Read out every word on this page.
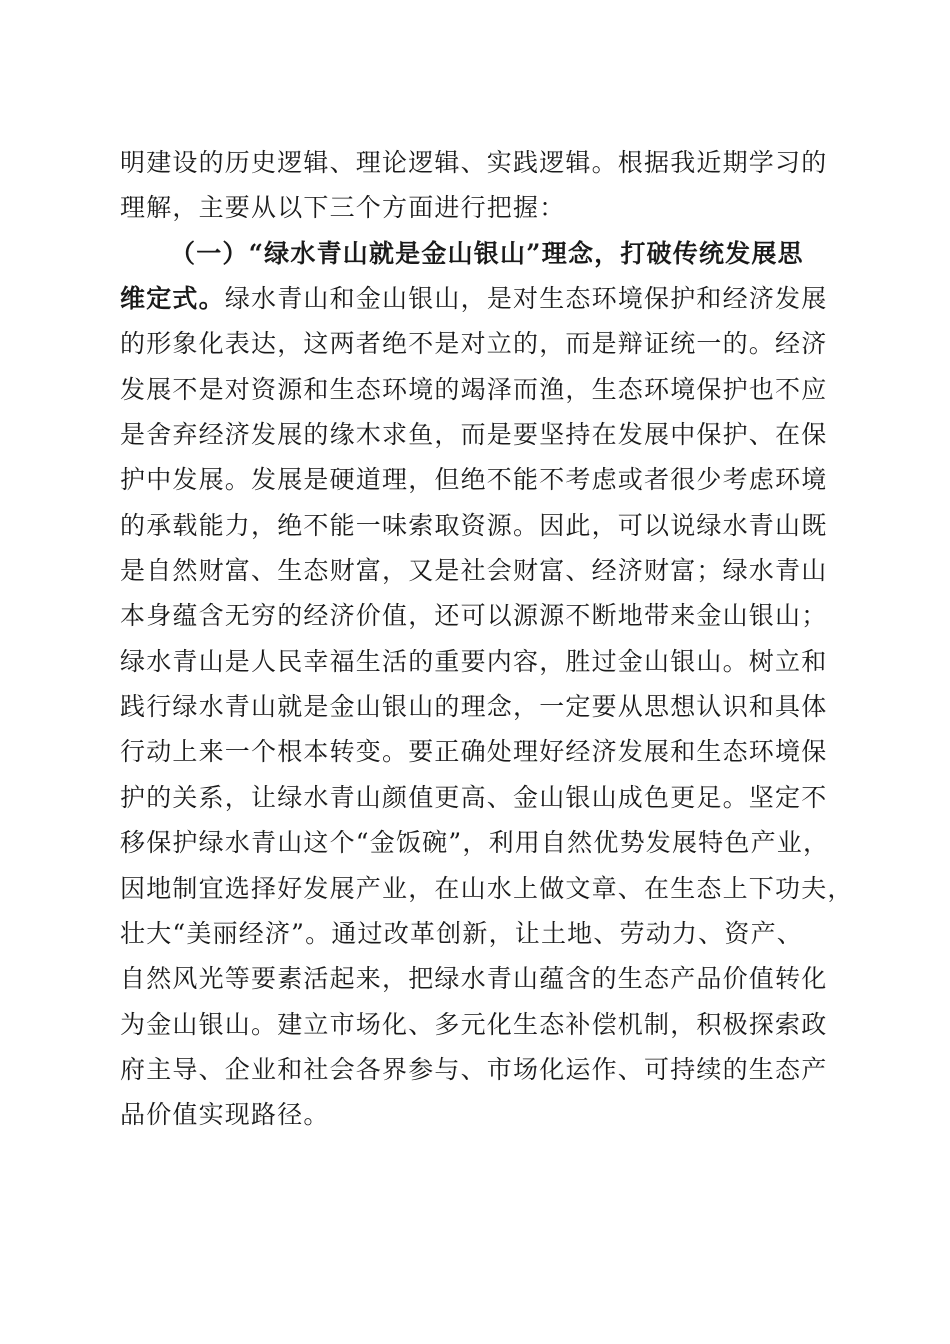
明建设的历史逻辑、理论逻辑、实践逻辑。根据我近期学习的
理解，主要从以下三个方面进行把握：
（一）“绿水青山就是金山银山”理念，打破传统发展思
维定式。绿水青山和金山银山，是对生态环境保护和经济发展
的形象化表达，这两者绝不是对立的，而是辩证统一的。经济
发展不是对资源和生态环境的竭泽而渔，生态环境保护也不应
是舍弃经济发展的缘木求鱼，而是要坚持在发展中保护、在保
护中发展。发展是硬道理，但绝不能不考虑或者很少考虑环境
的承载能力，绝不能一味索取资源。因此，可以说绿水青山既
是自然财富、生态财富，又是社会财富、经济财富；绿水青山
本身蕴含无穷的经济价值，还可以源源不断地带来金山银山；
绿水青山是人民幸福生活的重要内容，胜过金山银山。树立和
践行绿水青山就是金山银山的理念，一定要从思想认识和具体
行动上来一个根本转变。要正确处理好经济发展和生态环境保
护的关系，让绿水青山颜值更高、金山银山成色更足。坚定不
移保护绿水青山这个“金饭碗”，利用自然优势发展特色产业，
因地制宜选择好发展产业，在山水上做文章、在生态上下功夫，
壮大“美丽经济”。通过改革创新，让土地、劳动力、资产、
自然风光等要素活起来，把绿水青山蕴含的生态产品价值转化
为金山银山。建立市场化、多元化生态补偿机制，积极探索政
府主导、企业和社会各界参与、市场化运作、可持续的生态产
品价值实现路径。
